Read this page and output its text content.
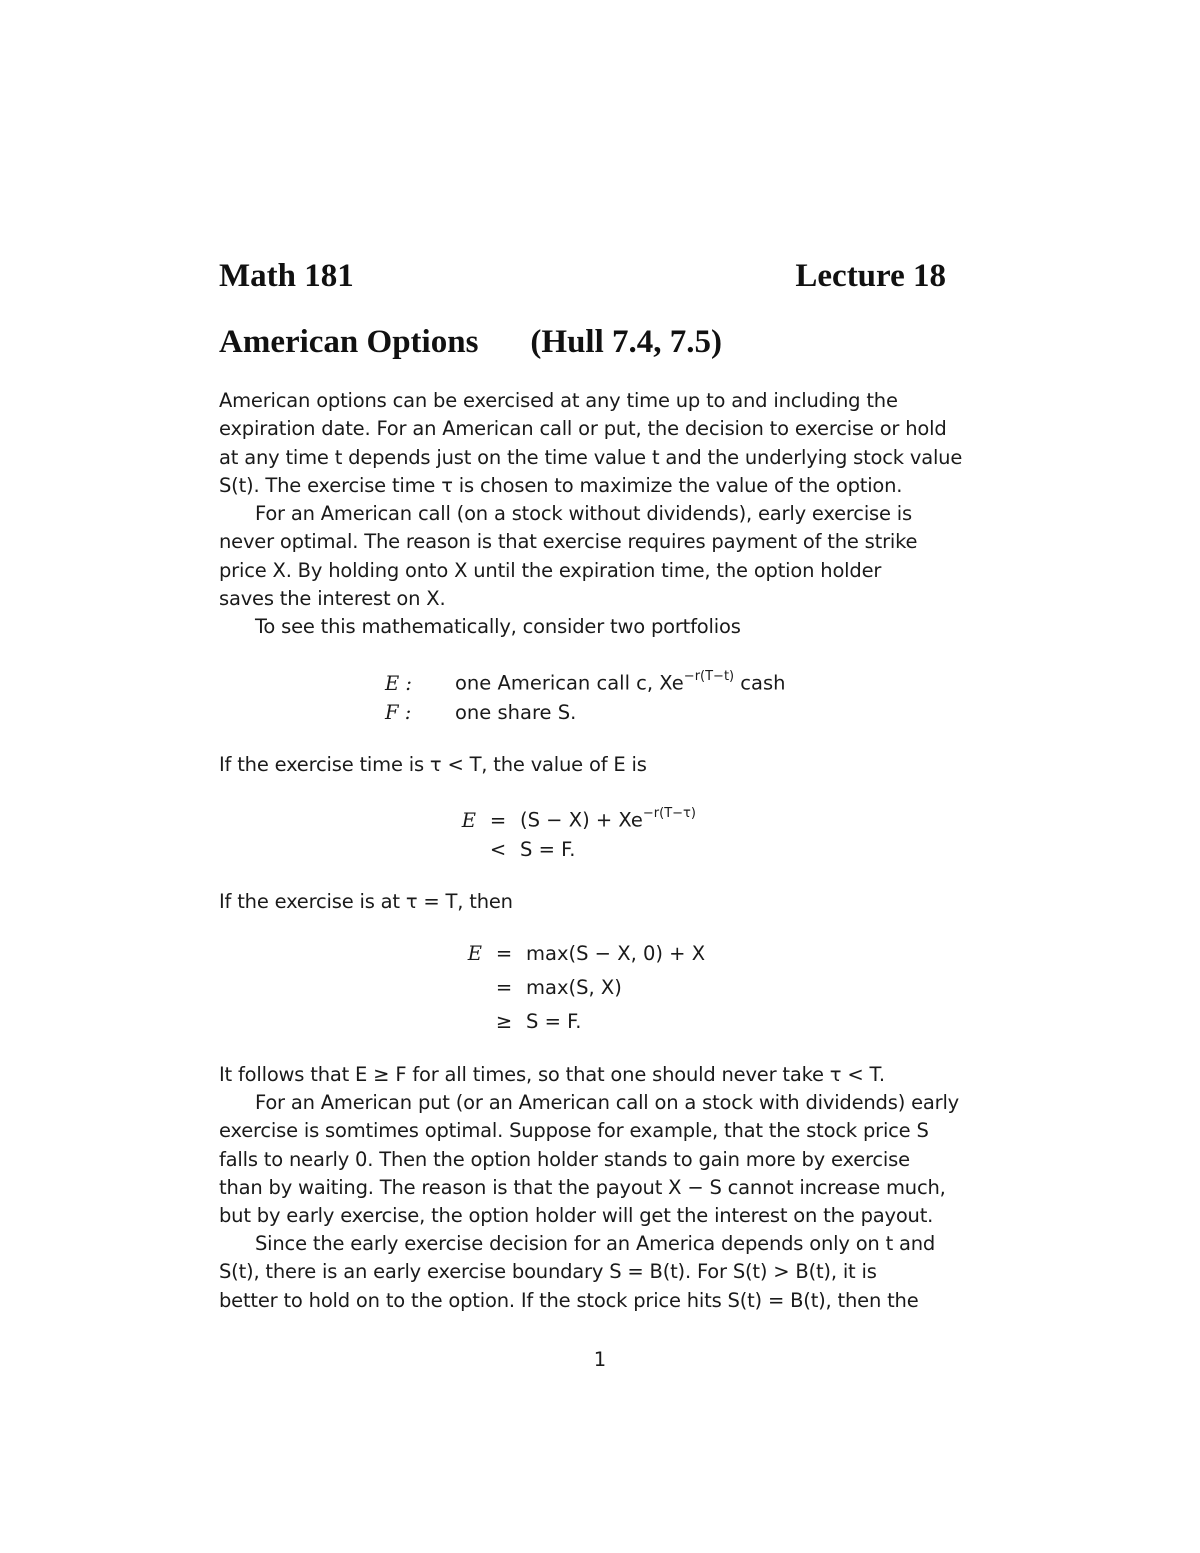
Math 181	Lecture 18
American Options (Hull 7.4, 7.5)
American options can be exercised at any time up to and including the
expiration date. For an American call or put, the decision to exercise or hold
at any time t depends just on the time value t and the underlying stock value
S(t). The exercise time τ is chosen to maximize the value of the option.
For an American call (on a stock without dividends), early exercise is
never optimal. The reason is that exercise requires payment of the strike
price X. By holding onto X until the expiration time, the option holder
saves the interest on X.
To see this mathematically, consider two portfolios
E :	one American call c, $Xe^{-r(T-t)}$ cash
F :	one share S.
If the exercise time is τ < T, the value of E is
$E = (S - X) + Xe^{-r(T-\tau)}$
< S = F.
If the exercise is at τ = T, then
E = max(S − X, 0) + X
= max(S, X)
≥ S = F.
It follows that E ≥ F for all times, so that one should never take τ < T.
For an American put (or an American call on a stock with dividends) early
exercise is somtimes optimal. Suppose for example, that the stock price S
falls to nearly 0. Then the option holder stands to gain more by exercise
than by waiting. The reason is that the payout X − S cannot increase much,
but by early exercise, the option holder will get the interest on the payout.
Since the early exercise decision for an America depends only on t and
S(t), there is an early exercise boundary S = B(t). For S(t) > B(t), it is
better to hold on to the option. If the stock price hits S(t) = B(t), then the
1
